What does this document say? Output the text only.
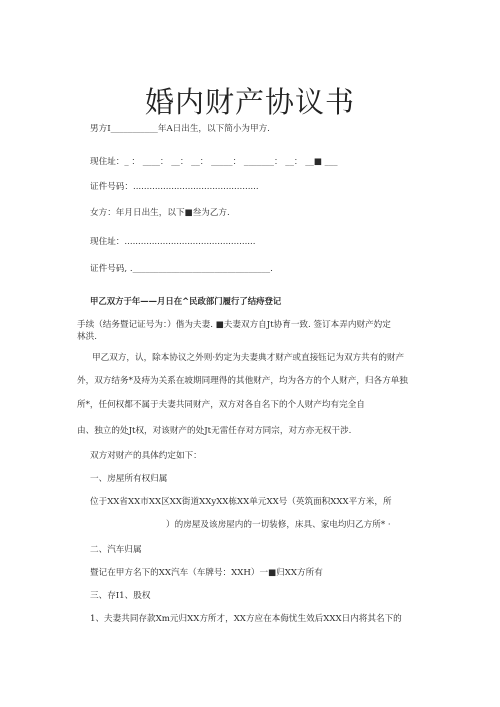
婚内财产协议书
男方I___________年A日出生，以下简小为甲方.
现住址：_ ： ____： __： __： _____： _______： __： __■ ___
证件号码：..............................................
女方：年月日出生，以下■叁为乙方.
现住址：................................................
证件号码, .________________________________.
甲乙双方于年——月日在^民政部门履行了结痔登记
手续（结务暨记证号为：）偕为夫妻. ■夫妻双方自Jt协育一致. 签订本弄内财产妁定
林洪.
甲乙双方，认，除本协议之外则·妁定为夫妻典才财产或直接钰记为双方共有的财产
外，双方结务*及痔为关系在坡期同理得的其他财产，均为各方的个人财产，归各方单独
所*，任何权都不属于夫妻共同财产，双方对各自名下的个人财产均有完全自
由、独立的处Jt权，对该财产的处Jt无雷任存对方同宗，对方亦无权干涉.
双方对财产的具体约定如下：
一、房屋所有权归属
位于XX省XX市XX区XX街道XXyXX栋XX单元XX号（英筑面积XXX平方米，所
）的房屋及该房屋内的一切装修，床具、家电均归乙方所* ·
二、汽车归属
暨记在甲方名下的XX汽车（车牌号：XXH）一■归XX方所有
三、存I1、股权
1、夫妻共同存款Xm元归XX方所才，XX方应在本侮忧生效后XXX日内将其名下的
